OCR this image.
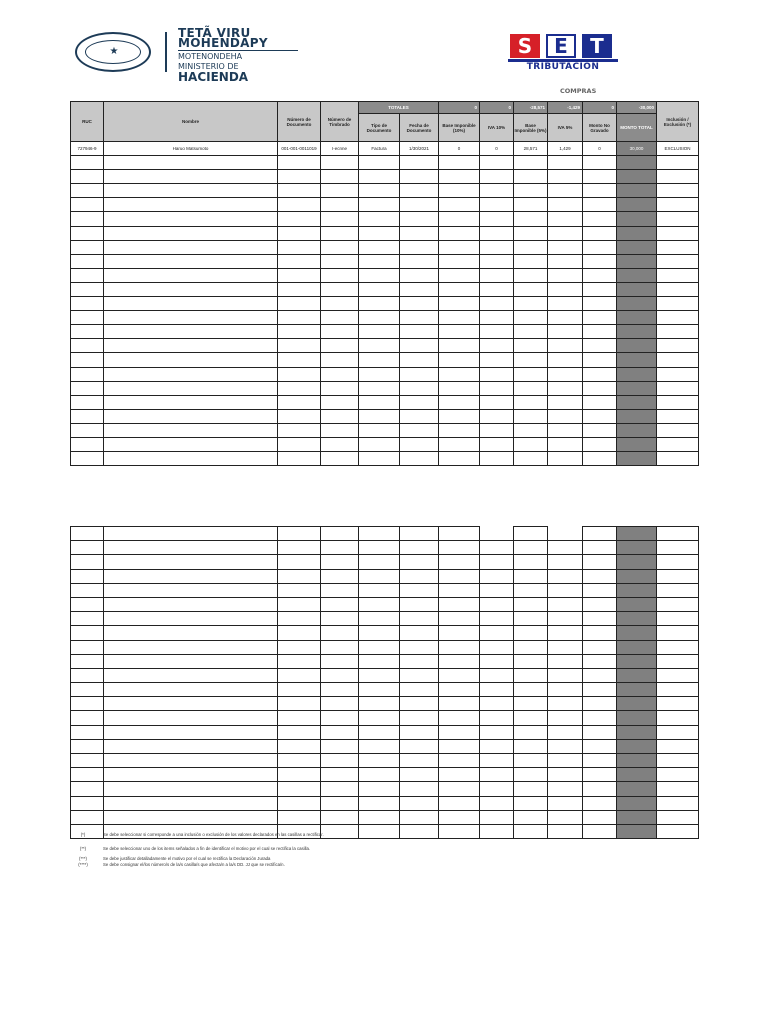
★
TETÃ VIRU
MOHENDAPY
MOTENONDEHA
MINISTERIO DE
HACIENDA
S	E	T
TRIBUTACION
COMPRAS
RUC	Nombre	Número de Documento	Número de Timbrado	TOTALES		0	0	-28,571	-1,429	0	-30,000	Inclusión / Exclusión (*)
				Tipo de Documento	Fecha de Documento	Base Imponible (10%)	IVA 10%	Base Imponible (5%)	IVA 5%	Monto No Gravado	MONTO TOTAL	
727946-9	Haruo Matsumoto	001-001-0011019	I-ecnne	Factura	1/30/2021	0	0	28,571	1,429	0	30,000	EXCLUSION

(*)	Se debe seleccionar si corresponde a una inclusión o exclusión de los valores declarados en las casillas a rectificar.
(**)	Se debe seleccionar uno de los items señalados a fin de identificar el motivo por el cual se rectifica la casilla.
(***)	Se debe justificar detalladamente el motivo por el cual se rectifica la Declaración Jurada
(****)	Se debe consignar el/los número/s de la/s casilla/s que afecta/n a la/s DD. JJ que se rectifica/n.
